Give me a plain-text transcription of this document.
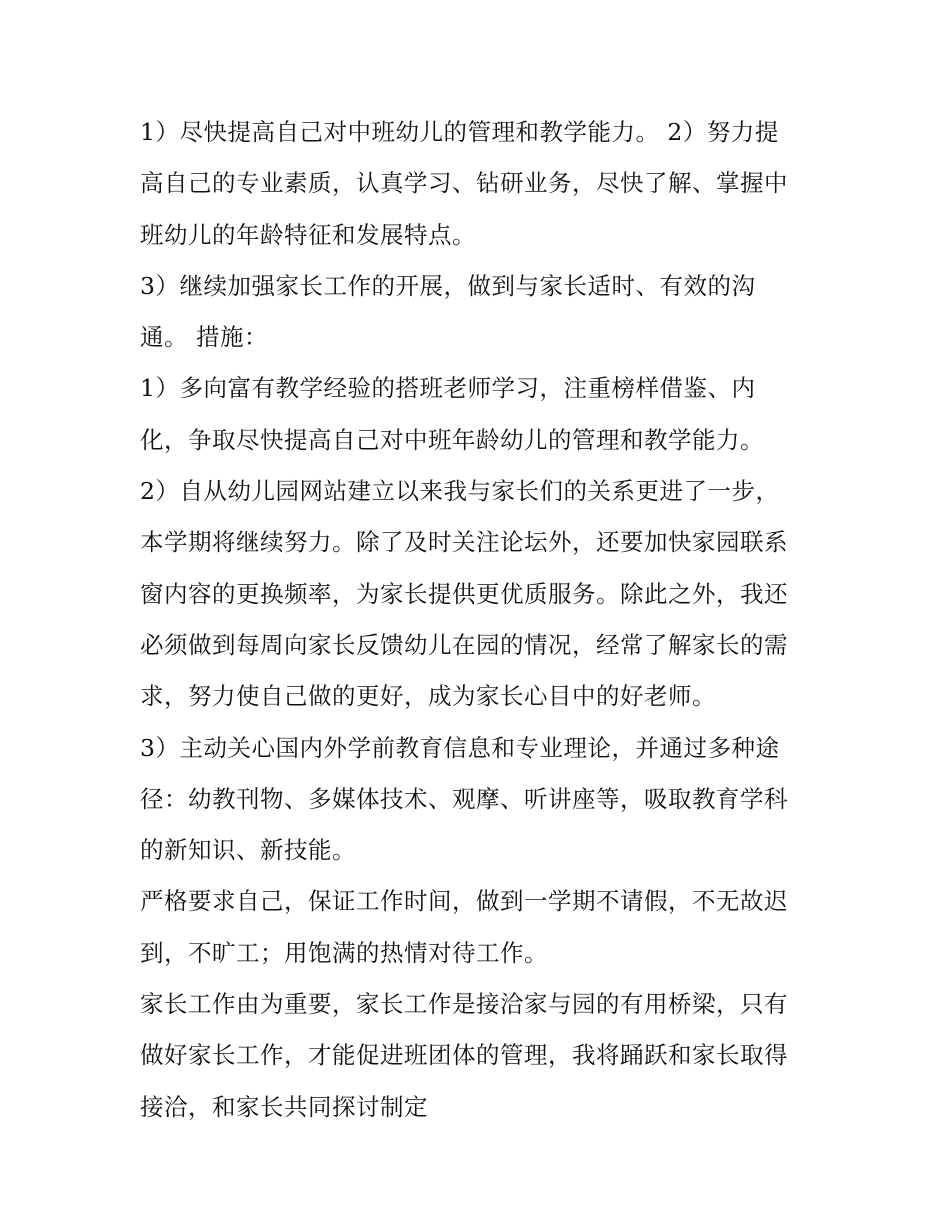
1）尽快提高自己对中班幼儿的管理和教学能力。 2）努力提
高自己的专业素质，认真学习、钻研业务，尽快了解、掌握中
班幼儿的年龄特征和发展特点。
3）继续加强家长工作的开展，做到与家长适时、有效的沟
通。 措施：
1）多向富有教学经验的搭班老师学习，注重榜样借鉴、内
化，争取尽快提高自己对中班年龄幼儿的管理和教学能力。
2）自从幼儿园网站建立以来我与家长们的关系更进了一步，
本学期将继续努力。除了及时关注论坛外，还要加快家园联系
窗内容的更换频率，为家长提供更优质服务。除此之外，我还
必须做到每周向家长反馈幼儿在园的情况，经常了解家长的需
求，努力使自己做的更好，成为家长心目中的好老师。
3）主动关心国内外学前教育信息和专业理论，并通过多种途
径：幼教刊物、多媒体技术、观摩、听讲座等，吸取教育学科
的新知识、新技能。
严格要求自己，保证工作时间，做到一学期不请假，不无故迟
到，不旷工；用饱满的热情对待工作。
家长工作由为重要，家长工作是接洽家与园的有用桥梁，只有
做好家长工作，才能促进班团体的管理，我将踊跃和家长取得
接洽，和家长共同探讨制定
